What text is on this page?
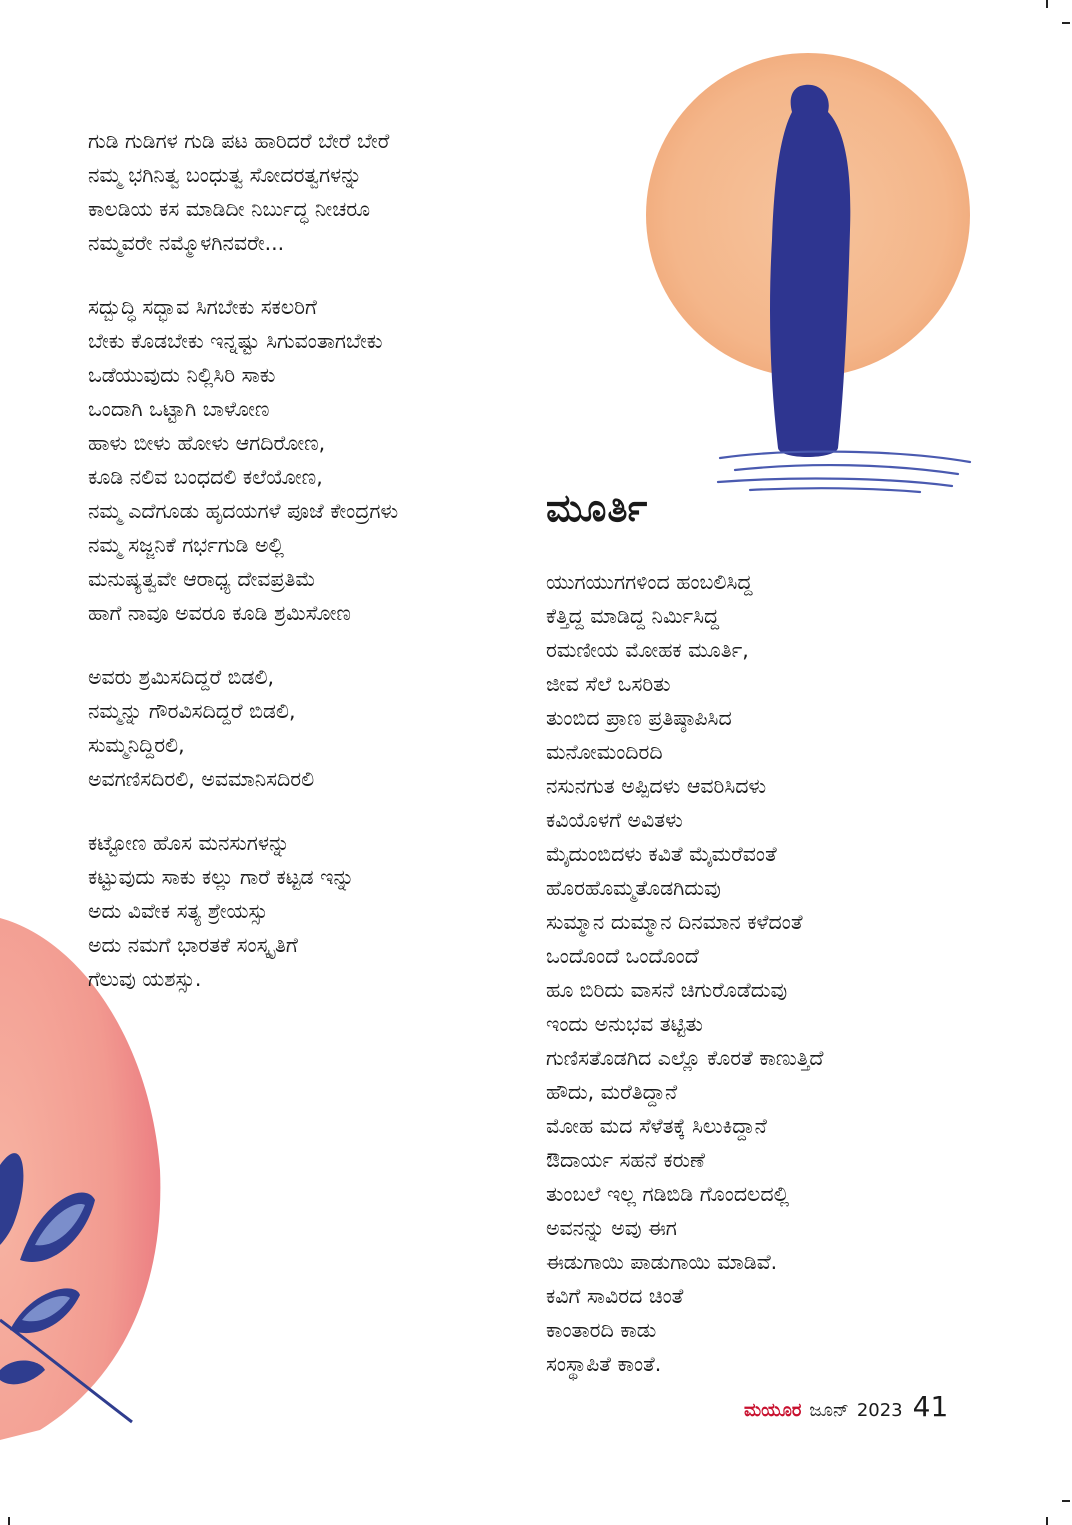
ಗುಡಿ ಗುಡಿಗಳ ಗುಡಿ ಪಟ ಹಾರಿದರೆ ಬೇರೆ ಬೇರೆ
ನಮ್ಮ ಭಗಿನಿತ್ವ ಬಂಧುತ್ವ ಸೋದರತ್ವಗಳನ್ನು
ಕಾಲಡಿಯ ಕಸ ಮಾಡಿದೀ ನಿರ್ಬುದ್ಧ ನೀಚರೂ
ನಮ್ಮವರೇ ನಮ್ಮೊಳಗಿನವರೇ...
ಸದ್ಬುದ್ಧಿ ಸದ್ಭಾವ ಸಿಗಬೇಕು ಸಕಲರಿಗೆ
ಬೇಕು ಕೊಡಬೇಕು ಇನ್ನಷ್ಟು ಸಿಗುವಂತಾಗಬೇಕು
ಒಡೆಯುವುದು ನಿಲ್ಲಿಸಿರಿ ಸಾಕು
ಒಂದಾಗಿ ಒಟ್ಟಾಗಿ ಬಾಳೋಣ
ಹಾಳು ಬೀಳು ಹೋಳು ಆಗದಿರೋಣ,
ಕೂಡಿ ನಲಿವ ಬಂಧದಲಿ ಕಲೆಯೋಣ,
ನಮ್ಮ ಎದೆಗೂಡು ಹೃದಯಗಳೆ ಪೂಜೆ ಕೇಂದ್ರಗಳು
ನಮ್ಮ ಸಜ್ಜನಿಕೆ ಗರ್ಭಗುಡಿ ಅಲ್ಲಿ
ಮನುಷ್ಯತ್ವವೇ ಆರಾಧ್ಯ ದೇವಪ್ರತಿಮೆ
ಹಾಗೆ ನಾವೂ ಅವರೂ ಕೂಡಿ ಶ್ರಮಿಸೋಣ
ಅವರು ಶ್ರಮಿಸದಿದ್ದರೆ ಬಿಡಲಿ,
ನಮ್ಮನ್ನು ಗೌರವಿಸದಿದ್ದರೆ ಬಿಡಲಿ,
ಸುಮ್ಮನಿದ್ದಿರಲಿ,
ಅವಗಣಿಸದಿರಲಿ, ಅವಮಾನಿಸದಿರಲಿ
ಕಟ್ಟೋಣ ಹೊಸ ಮನಸುಗಳನ್ನು
ಕಟ್ಟುವುದು ಸಾಕು ಕಲ್ಲು ಗಾರೆ ಕಟ್ಟಡ ಇನ್ನು
ಅದು ವಿವೇಕ ಸತ್ಯ ಶ್ರೇಯಸ್ಸು
ಅದು ನಮಗೆ ಭಾರತಕೆ ಸಂಸ್ಕೃತಿಗೆ
ಗೆಲುವು ಯಶಸ್ಸು.
ಮೂರ್ತಿ
ಯುಗಯುಗಗಳಿಂದ ಹಂಬಲಿಸಿದ್ದ
ಕೆತ್ತಿದ್ದ ಮಾಡಿದ್ದ ನಿರ್ಮಿಸಿದ್ದ
ರಮಣೀಯ ಮೋಹಕ ಮೂರ್ತಿ,
ಜೀವ ಸೆಲೆ ಒಸರಿತು
ತುಂಬಿದ ಪ್ರಾಣ ಪ್ರತಿಷ್ಠಾಪಿಸಿದ
ಮನೋಮಂದಿರದಿ
ನಸುನಗುತ ಅಪ್ಪಿದಳು ಆವರಿಸಿದಳು
ಕವಿಯೊಳಗೆ ಅವಿತಳು
ಮೈದುಂಬಿದಳು ಕವಿತೆ ಮೈಮರೆವಂತೆ
ಹೊರಹೊಮ್ಮತೊಡಗಿದುವು
ಸುಮ್ಮಾನ ದುಮ್ಮಾನ ದಿನಮಾನ ಕಳೆದಂತೆ
ಒಂದೊಂದೆ ಒಂದೊಂದೆ
ಹೂ ಬಿರಿದು ವಾಸನೆ ಚಿಗುರೊಡೆದುವು
ಇಂದು ಅನುಭವ ತಟ್ಟಿತು
ಗುಣಿಸತೊಡಗಿದ ಎಲ್ಲೊ ಕೊರತೆ ಕಾಣುತ್ತಿದೆ
ಹೌದು, ಮರೆತಿದ್ದಾನೆ
ಮೋಹ ಮದ ಸೆಳೆತಕ್ಕೆ ಸಿಲುಕಿದ್ದಾನೆ
ಔದಾರ್ಯ ಸಹನೆ ಕರುಣೆ
ತುಂಬಲೆ ಇಲ್ಲ ಗಡಿಬಿಡಿ ಗೊಂದಲದಲ್ಲಿ
ಅವನನ್ನು ಅವು ಈಗ
ಈಡುಗಾಯಿ ಪಾಡುಗಾಯಿ ಮಾಡಿವೆ.
ಕವಿಗೆ ಸಾವಿರದ ಚಿಂತೆ
ಕಾಂತಾರದಿ ಕಾಡು
ಸಂಸ್ಥಾಪಿತೆ ಕಾಂತೆ.
ಮಯೂರ ಜೂನ್ 2023 41
